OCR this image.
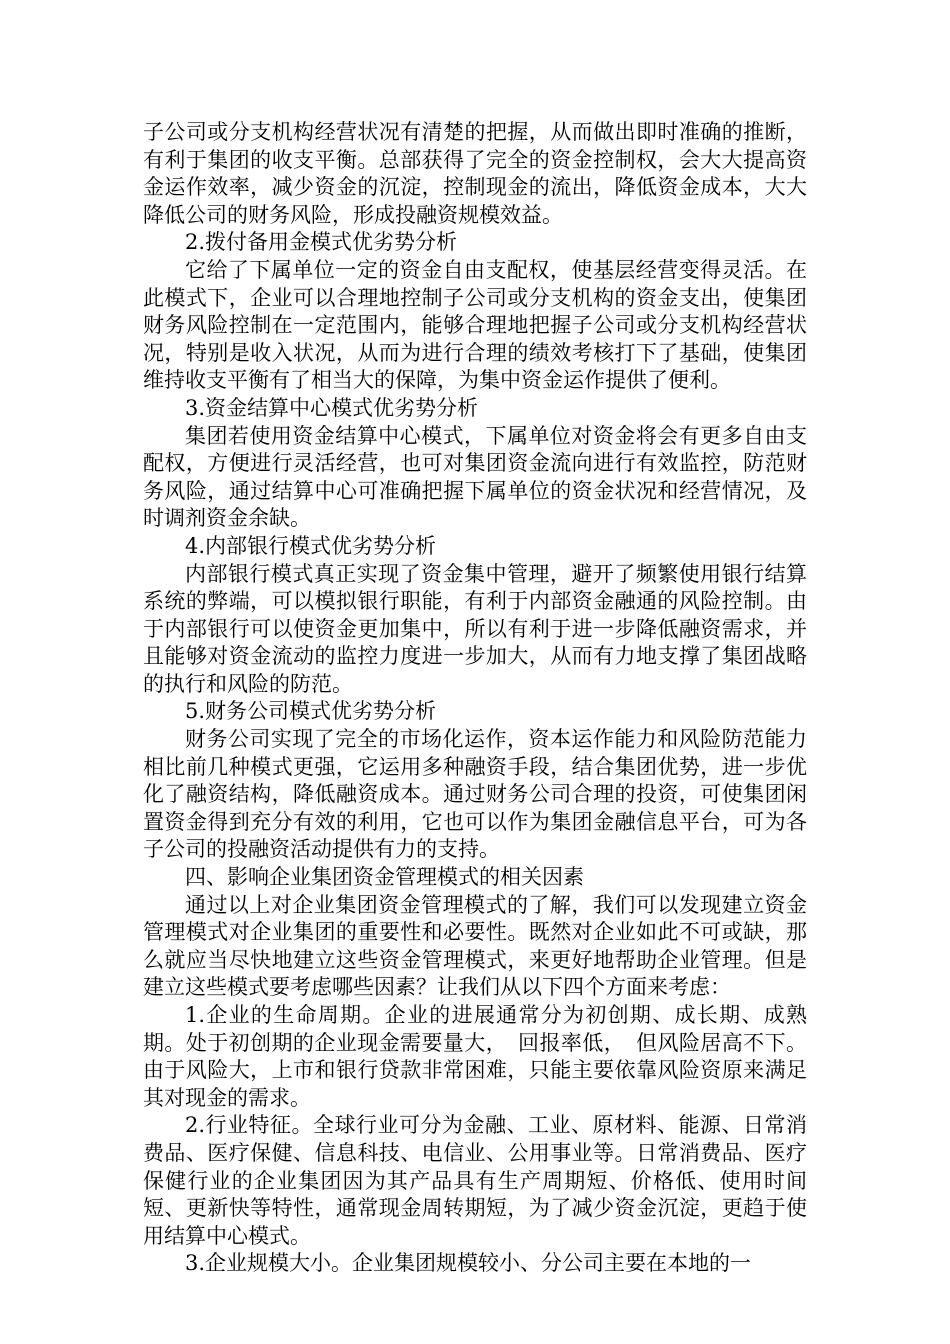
子公司或分支机构经营状况有清楚的把握，从而做出即时准确的推断，有利于集团的收支平衡。总部获得了完全的资金控制权，会大大提高资金运作效率，减少资金的沉淀，控制现金的流出，降低资金成本，大大降低公司的财务风险，形成投融资规模效益。

2.拨付备用金模式优劣势分析

它给了下属单位一定的资金自由支配权，使基层经营变得灵活。在此模式下，企业可以合理地控制子公司或分支机构的资金支出，使集团财务风险控制在一定范围内，能够合理地把握子公司或分支机构经营状况，特别是收入状况，从而为进行合理的绩效考核打下了基础，使集团维持收支平衡有了相当大的保障，为集中资金运作提供了便利。

3.资金结算中心模式优劣势分析

集团若使用资金结算中心模式，下属单位对资金将会有更多自由支配权，方便进行灵活经营，也可对集团资金流向进行有效监控，防范财务风险，通过结算中心可准确把握下属单位的资金状况和经营情况，及时调剂资金余缺。

4.内部银行模式优劣势分析

内部银行模式真正实现了资金集中管理，避开了频繁使用银行结算系统的弊端，可以模拟银行职能，有利于内部资金融通的风险控制。由于内部银行可以使资金更加集中，所以有利于进一步降低融资需求，并且能够对资金流动的监控力度进一步加大，从而有力地支撑了集团战略的执行和风险的防范。

5.财务公司模式优劣势分析

财务公司实现了完全的市场化运作，资本运作能力和风险防范能力相比前几种模式更强，它运用多种融资手段，结合集团优势，进一步优化了融资结构，降低融资成本。通过财务公司合理的投资，可使集团闲置资金得到充分有效的利用，它也可以作为集团金融信息平台，可为各子公司的投融资活动提供有力的支持。

四、影响企业集团资金管理模式的相关因素

通过以上对企业集团资金管理模式的了解，我们可以发现建立资金管理模式对企业集团的重要性和必要性。既然对企业如此不可或缺，那么就应当尽快地建立这些资金管理模式，来更好地帮助企业管理。但是建立这些模式要考虑哪些因素？让我们从以下四个方面来考虑：

1.企业的生命周期。企业的进展通常分为初创期、成长期、成熟期。处于初创期的企业现金需要量大，　回报率低，　但风险居高不下。由于风险大，上市和银行贷款非常困难，只能主要依靠风险资原来满足其对现金的需求。

2.行业特征。全球行业可分为金融、工业、原材料、能源、日常消费品、医疗保健、信息科技、电信业、公用事业等。日常消费品、医疗保健行业的企业集团因为其产品具有生产周期短、价格低、使用时间短、更新快等特性，通常现金周转期短，为了减少资金沉淀，更趋于使用结算中心模式。

3.企业规模大小。企业集团规模较小、分公司主要在本地的一
